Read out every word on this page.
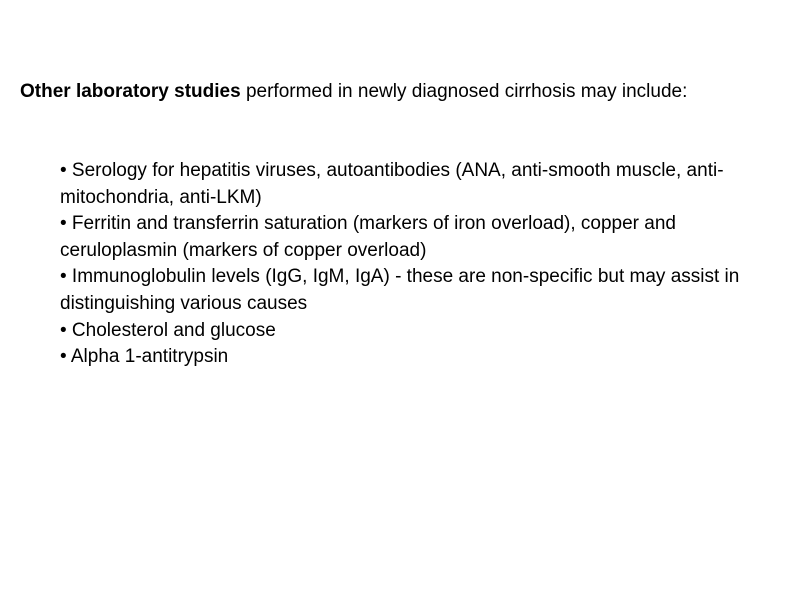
Other laboratory studies performed in newly diagnosed cirrhosis may include:

• Serology for hepatitis viruses, autoantibodies (ANA, anti-smooth muscle, anti-mitochondria, anti-LKM)
• Ferritin and transferrin saturation (markers of iron overload), copper and ceruloplasmin (markers of copper overload)
• Immunoglobulin levels (IgG, IgM, IgA) - these are non-specific but may assist in distinguishing various causes
• Cholesterol and glucose
• Alpha 1-antitrypsin
